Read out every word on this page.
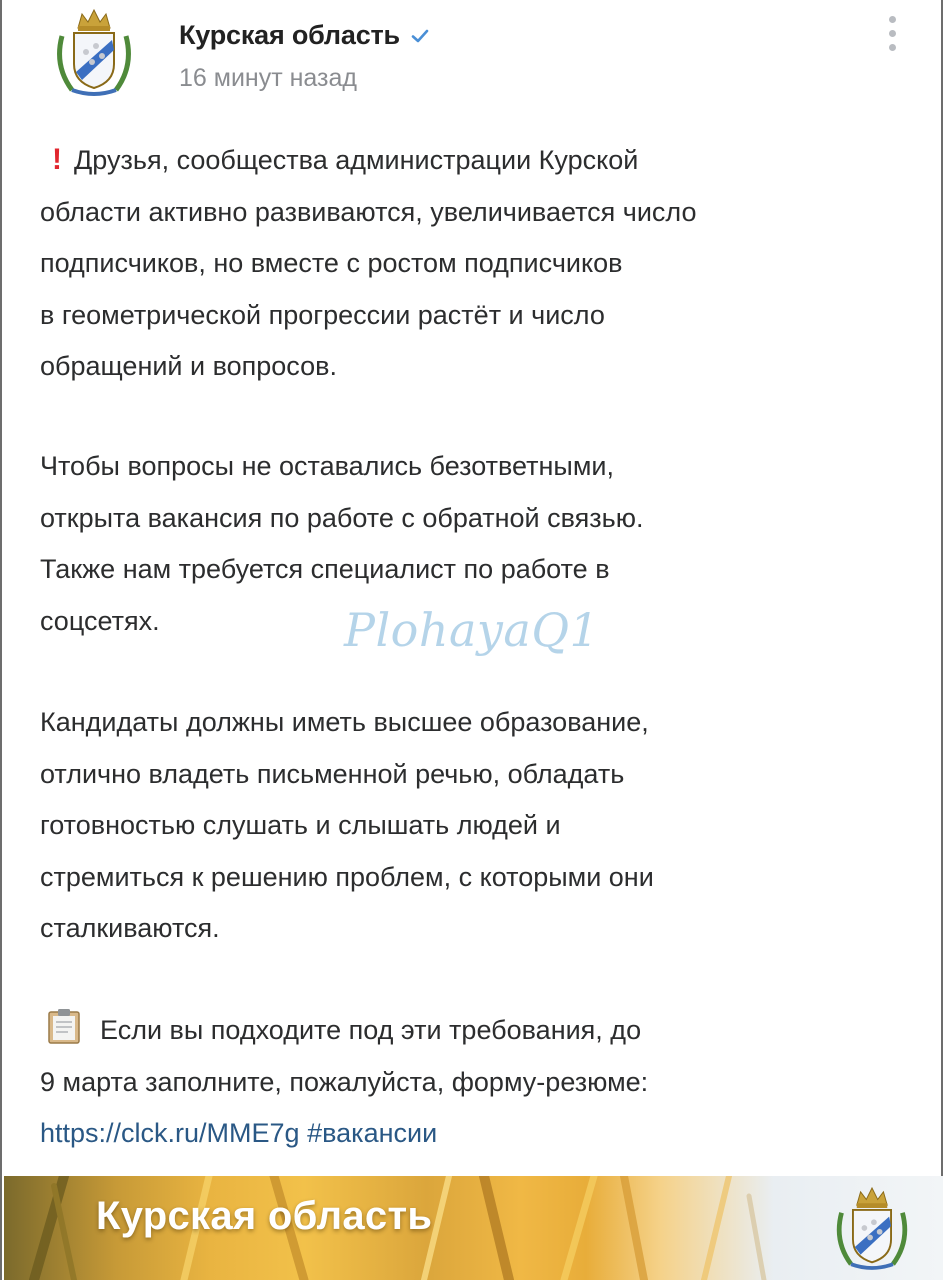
Курская область
16 минут назад
! Друзья, сообщества администрации Курской
области активно развиваются, увеличивается число
подписчиков, но вместе с ростом подписчиков
в геометрической прогрессии растёт и число
обращений и вопросов.
Чтобы вопросы не оставались безответными,
открыта вакансия по работе с обратной связью.
Также нам требуется специалист по работе в
соцсетях.
Кандидаты должны иметь высшее образование,
отлично владеть письменной речью, обладать
готовностью слушать и слышать людей и
стремиться к решению проблем, с которыми они
сталкиваются.
Если вы подходите под эти требования, до
9 марта заполните, пожалуйста, форму-резюме:
https://clck.ru/MME7g #вакансии
PlohayaQ1
Курская область
